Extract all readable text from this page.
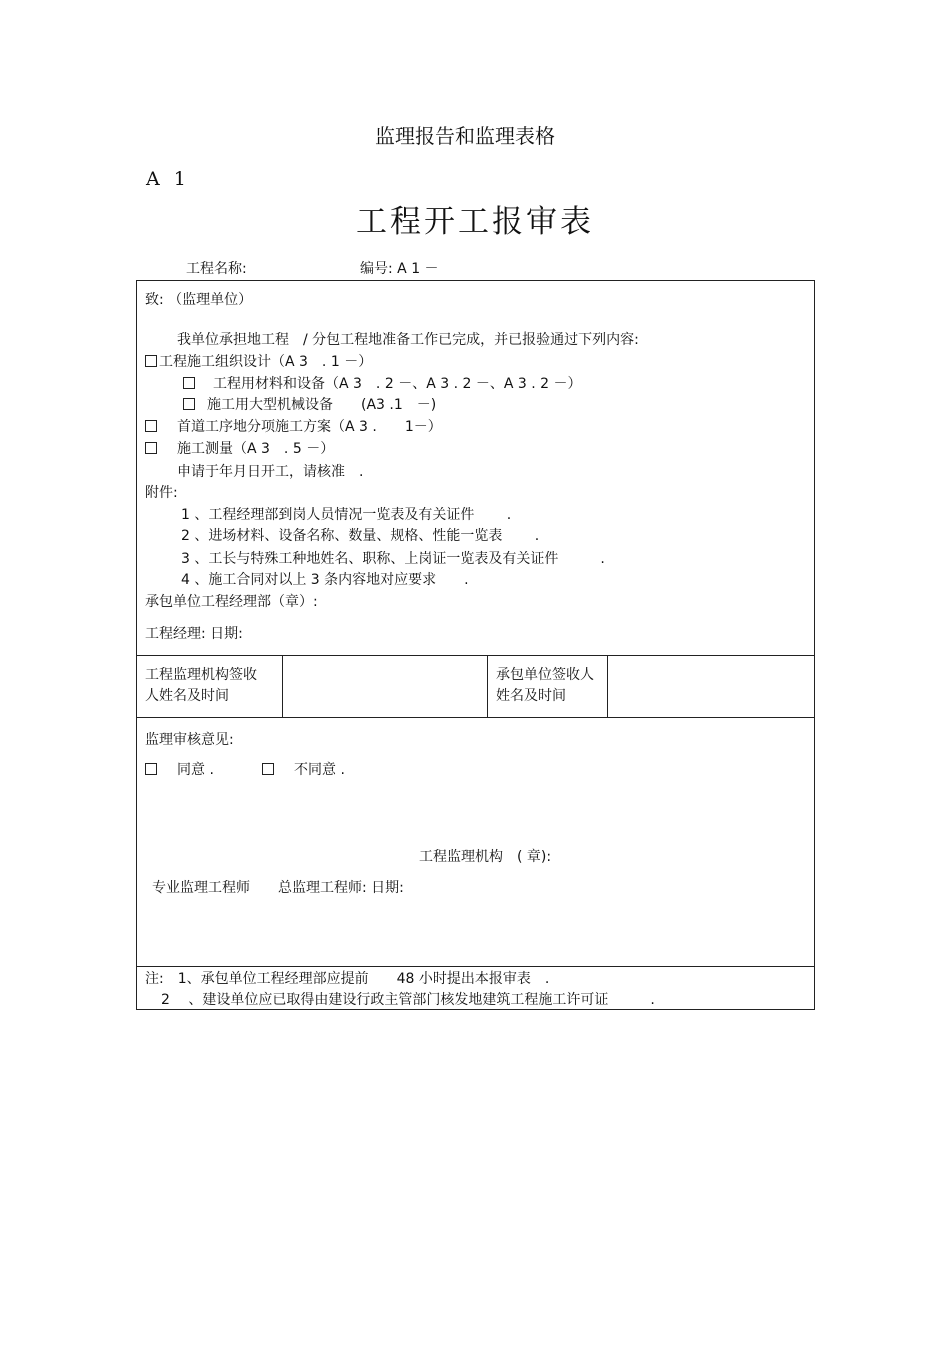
监理报告和监理表格
A 1
工程开工报审表
工程名称:	编号: A 1 －
致: （监理单位）
我单位承担地工程　/ 分包工程地准备工作已完成，并已报验通过下列内容:
工程施工组织设计（A 3　. 1 －）
工程用材料和设备（A 3　. 2 －、A 3 . 2 －、A 3 . 2 －）
施工用大型机械设备　　(A3 .1　－)
首道工序地分项施工方案（A 3 .　　1－）
施工测量（A 3　. 5 －）
申请于年月日开工，请核准　.
附件:
1 、工程经理部到岗人员情况一览表及有关证件　　 .
2 、进场材料、设备名称、数量、规格、性能一览表　　 .
3 、工长与特殊工种地姓名、职称、上岗证一览表及有关证件　　　.
4 、施工合同对以上 3 条内容地对应要求　　.
承包单位工程经理部（章）:
工程经理: 日期:
工程监理机构签收人姓名及时间
承包单位签收人姓名及时间
监理审核意见:
同意 .	不同意 .
工程监理机构　( 章):
专业监理工程师　　总监理工程师: 日期:
注:　1、承包单位工程经理部应提前　　48 小时提出本报审表　.
2　 、建设单位应已取得由建设行政主管部门核发地建筑工程施工许可证　　　.
